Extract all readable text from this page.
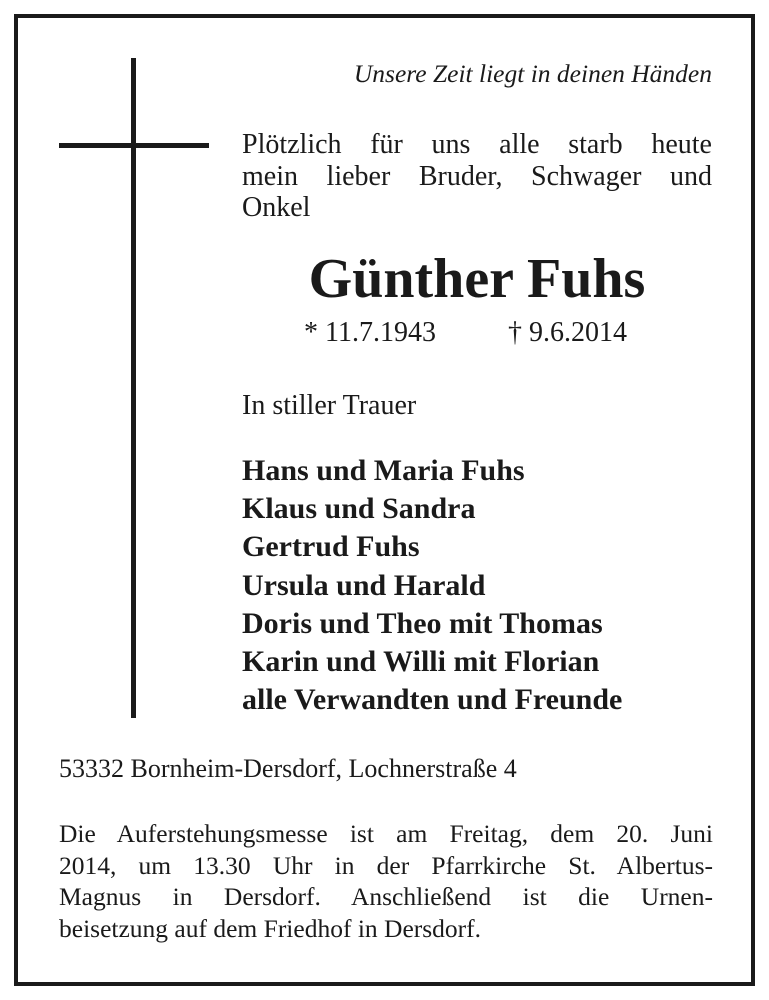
Unsere Zeit liegt in deinen Händen
Plötzlich für uns alle starb heute
mein lieber Bruder, Schwager und
Onkel
Günther Fuhs
* 11.7.1943	† 9.6.2014
In stiller Trauer
Hans und Maria Fuhs
Klaus und Sandra
Gertrud Fuhs
Ursula und Harald
Doris und Theo mit Thomas
Karin und Willi mit Florian
alle Verwandten und Freunde
53332 Bornheim-Dersdorf, Lochnerstraße 4
Die Auferstehungsmesse ist am Freitag, dem 20. Juni
2014, um 13.30 Uhr in der Pfarrkirche St. Albertus-
Magnus in Dersdorf. Anschließend ist die Urnen-
beisetzung auf dem Friedhof in Dersdorf.
